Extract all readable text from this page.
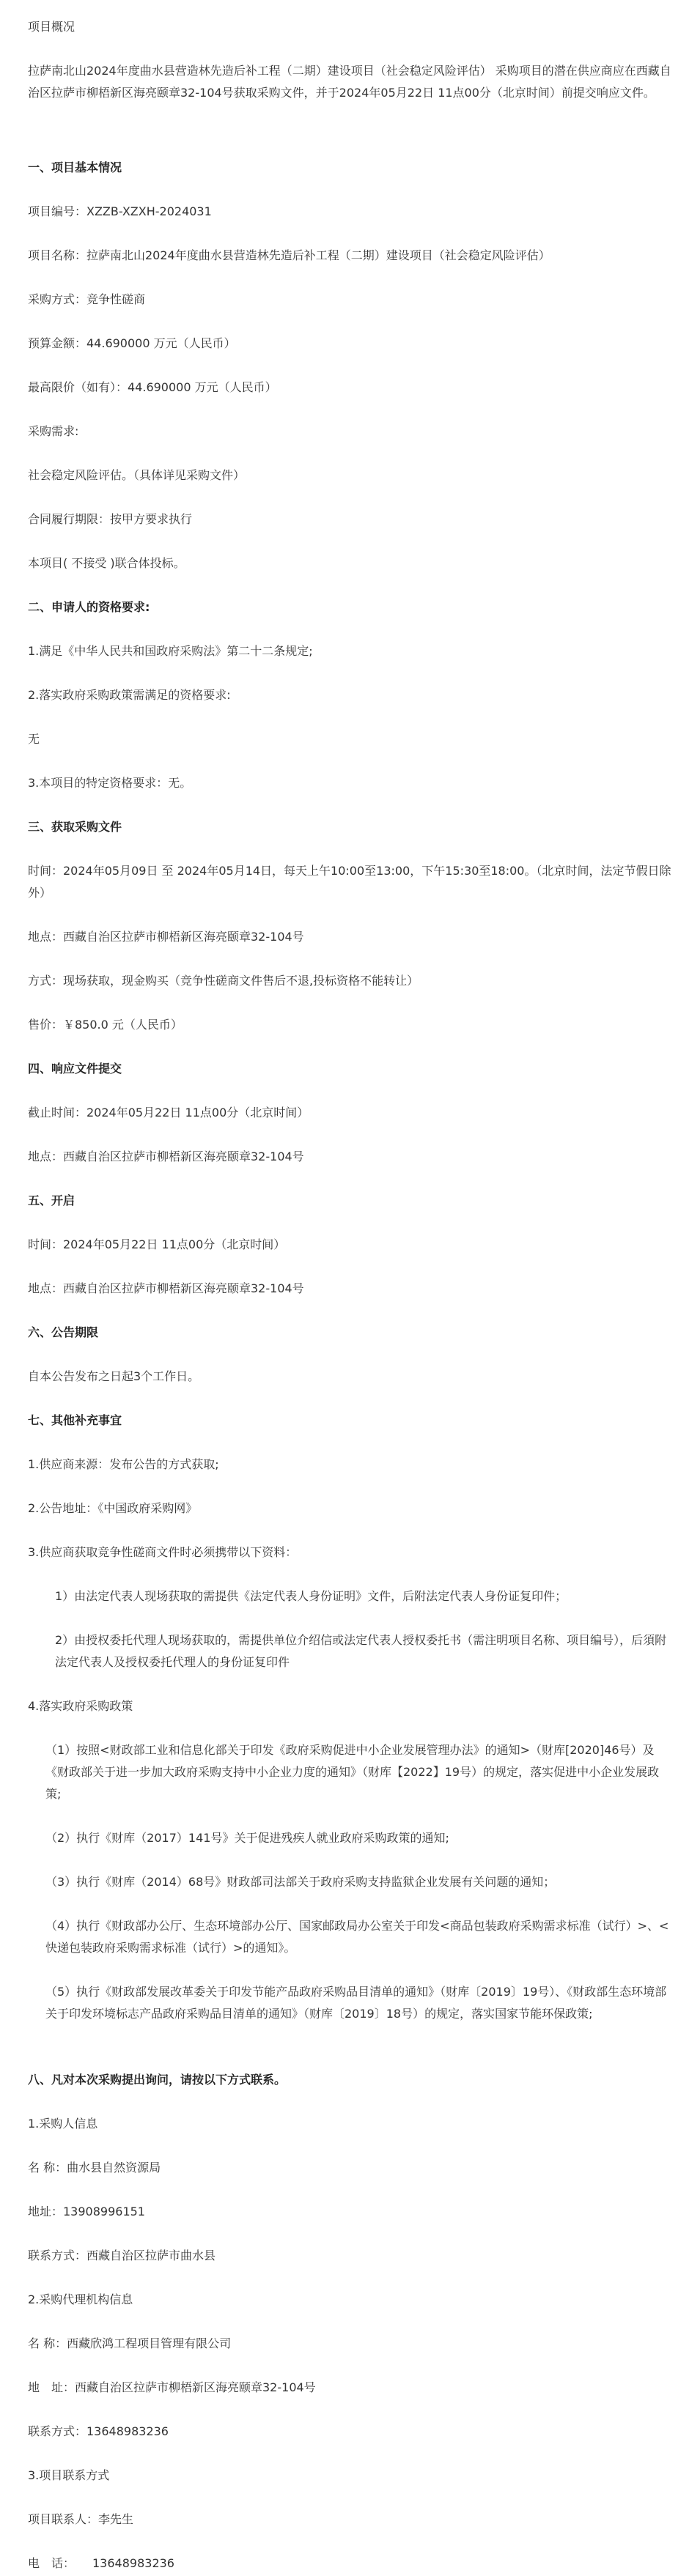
项目概况
拉萨南北山2024年度曲水县营造林先造后补工程（二期）建设项目（社会稳定风险评估） 采购项目的潜在供应商应在西藏自治区拉萨市柳梧新区海亮颐章32-104号获取采购文件，并于2024年05月22日 11点00分（北京时间）前提交响应文件。
一、项目基本情况
项目编号：XZZB-XZXH-2024031
项目名称：拉萨南北山2024年度曲水县营造林先造后补工程（二期）建设项目（社会稳定风险评估）
采购方式：竞争性磋商
预算金额：44.690000 万元（人民币）
最高限价（如有）：44.690000 万元（人民币）
采购需求:
社会稳定风险评估。（具体详见采购文件）
合同履行期限：按甲方要求执行
本项目( 不接受 )联合体投标。
二、申请人的资格要求:
1.满足《中华人民共和国政府采购法》第二十二条规定;
2.落实政府采购政策需满足的资格要求:
无
3.本项目的特定资格要求：无。
三、获取采购文件
时间：2024年05月09日 至 2024年05月14日，每天上午10:00至13:00，下午15:30至18:00。（北京时间，法定节假日除外）
地点：西藏自治区拉萨市柳梧新区海亮颐章32-104号
方式：现场获取，现金购买（竞争性磋商文件售后不退,投标资格不能转让）
售价：￥850.0 元（人民币）
四、响应文件提交
截止时间：2024年05月22日 11点00分（北京时间）
地点：西藏自治区拉萨市柳梧新区海亮颐章32-104号
五、开启
时间：2024年05月22日 11点00分（北京时间）
地点：西藏自治区拉萨市柳梧新区海亮颐章32-104号
六、公告期限
自本公告发布之日起3个工作日。
七、其他补充事宜
1.供应商来源：发布公告的方式获取;
2.公告地址：《中国政府采购网》
3.供应商获取竞争性磋商文件时必须携带以下资料：
1）由法定代表人现场获取的需提供《法定代表人身份证明》文件，后附法定代表人身份证复印件；
2）由授权委托代理人现场获取的，需提供单位介绍信或法定代表人授权委托书（需注明项目名称、项目编号），后須附法定代表人及授权委托代理人的身份证复印件
4.落实政府采购政策
（1）按照<财政部工业和信息化部关于印发《政府采购促进中小企业发展管理办法》的通知>（财库[2020]46号）及《财政部关于进一步加大政府采购支持中小企业力度的通知》（财库【2022】19号）的规定，落实促进中小企业发展政策;
（2）执行《财库（2017）141号》关于促进残疾人就业政府采购政策的通知;
（3）执行《财库（2014）68号》财政部司法部关于政府采购支持监狱企业发展有关问题的通知；
（4）执行《财政部办公厅、生态环境部办公厅、国家邮政局办公室关于印发<商品包装政府采购需求标准（试行）>、<快递包装政府采购需求标准（试行）>的通知》。
（5）执行《财政部发展改革委关于印发节能产品政府采购品目清单的通知》（财库〔2019〕19号）、《财政部生态环境部关于印发环境标志产品政府采购品目清单的通知》（财库〔2019〕18号）的规定，落实国家节能环保政策;
八、凡对本次采购提出询问，请按以下方式联系。
1.采购人信息
名 称：曲水县自然资源局
地址：13908996151
联系方式：西藏自治区拉萨市曲水县
2.采购代理机构信息
名 称：西藏欣鸿工程项目管理有限公司
地　址：西藏自治区拉萨市柳梧新区海亮颐章32-104号
联系方式：13648983236
3.项目联系方式
项目联系人：李先生
电　话：　　13648983236
